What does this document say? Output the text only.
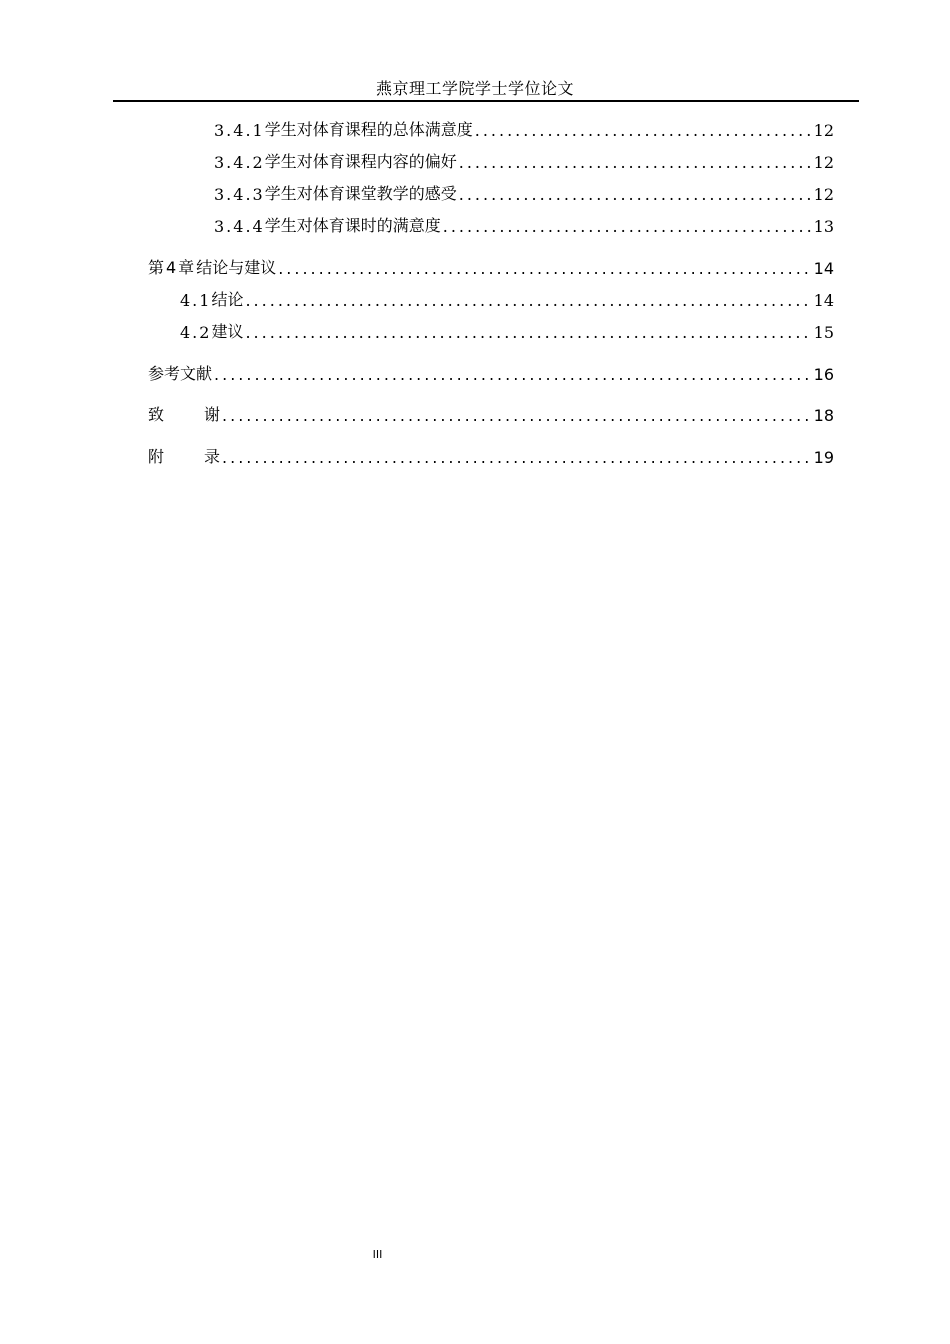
燕京理工学院学士学位论文
3.4.1 学生对体育课程的总体满意度 .....	12
3.4.2 学生对体育课程内容的偏好 .....	12
3.4.3 学生对体育课堂教学的感受 .....	12
3.4.4 学生对体育课时的满意度 .....	13
第4章 结论与建议 .....	14
4.1 结论 .....	14
4.2 建议 .....	15
参考文献 .....	16
致谢 .....	18
附录 .....	19
III
